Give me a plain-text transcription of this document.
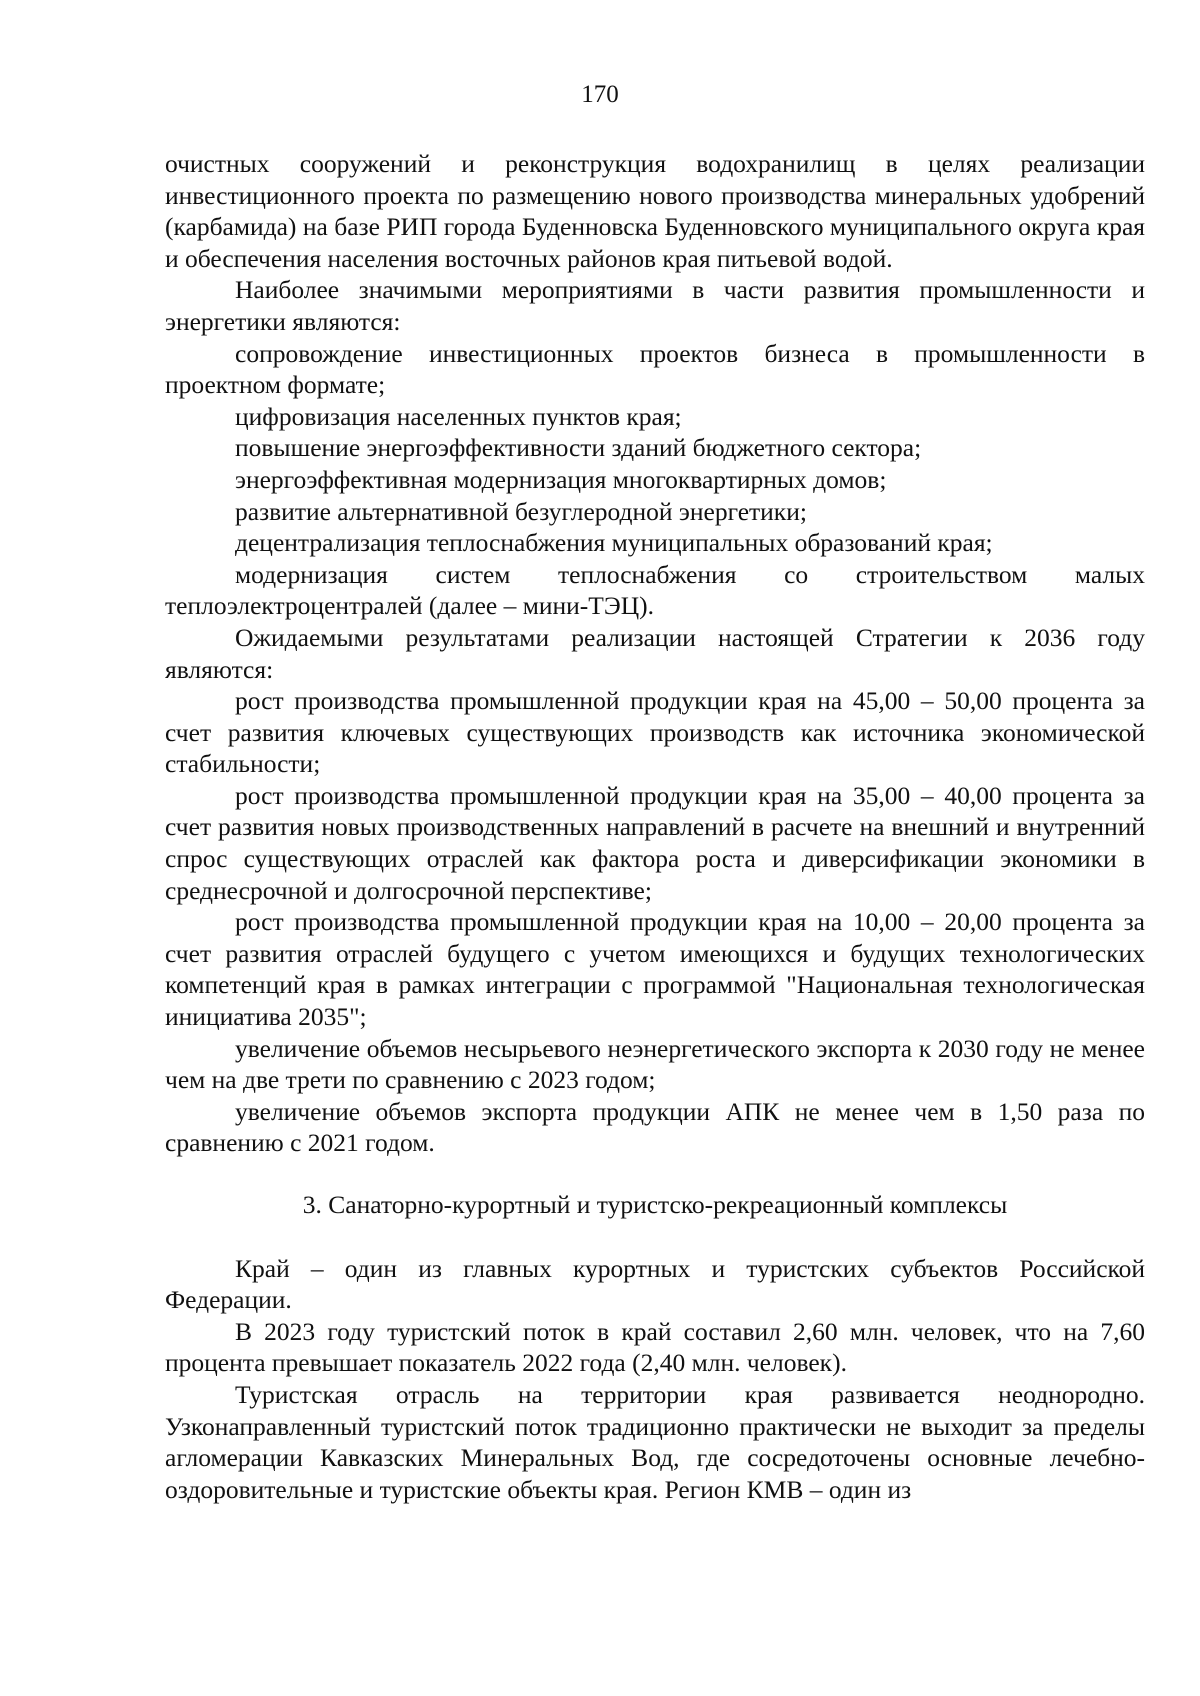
170

очистных сооружений и реконструкция водохранилищ в целях реализации инвестиционного проекта по размещению нового производства минеральных удобрений (карбамида) на базе РИП города Буденновска Буденновского муниципального округа края и обеспечения населения восточных районов края питьевой водой.

Наиболее значимыми мероприятиями в части развития промышленности и энергетики являются:

сопровождение инвестиционных проектов бизнеса в промышленности в проектном формате;

цифровизация населенных пунктов края;

повышение энергоэффективности зданий бюджетного сектора;

энергоэффективная модернизация многоквартирных домов;

развитие альтернативной безуглеродной энергетики;

децентрализация теплоснабжения муниципальных образований края;

модернизация систем теплоснабжения со строительством малых теплоэлектроцентралей (далее – мини-ТЭЦ).

Ожидаемыми результатами реализации настоящей Стратегии к 2036 году являются:

рост производства промышленной продукции края на 45,00 – 50,00 процента за счет развития ключевых существующих производств как источника экономической стабильности;

рост производства промышленной продукции края на 35,00 – 40,00 процента за счет развития новых производственных направлений в расчете на внешний и внутренний спрос существующих отраслей как фактора роста и диверсификации экономики в среднесрочной и долгосрочной перспективе;

рост производства промышленной продукции края на 10,00 – 20,00 процента за счет развития отраслей будущего с учетом имеющихся и будущих технологических компетенций края в рамках интеграции с программой "Национальная технологическая инициатива 2035";

увеличение объемов несырьевого неэнергетического экспорта к 2030 году не менее чем на две трети по сравнению с 2023 годом;

увеличение объемов экспорта продукции АПК не менее чем в 1,50 раза по сравнению с 2021 годом.

3. Санаторно-курортный и туристско-рекреационный комплексы

Край – один из главных курортных и туристских субъектов Российской Федерации.

В 2023 году туристский поток в край составил 2,60 млн. человек, что на 7,60 процента превышает показатель 2022 года (2,40 млн. человек).

Туристская отрасль на территории края развивается неоднородно. Узконаправленный туристский поток традиционно практически не выходит за пределы агломерации Кавказских Минеральных Вод, где сосредоточены основные лечебно-оздоровительные и туристские объекты края. Регион КМВ – один из
